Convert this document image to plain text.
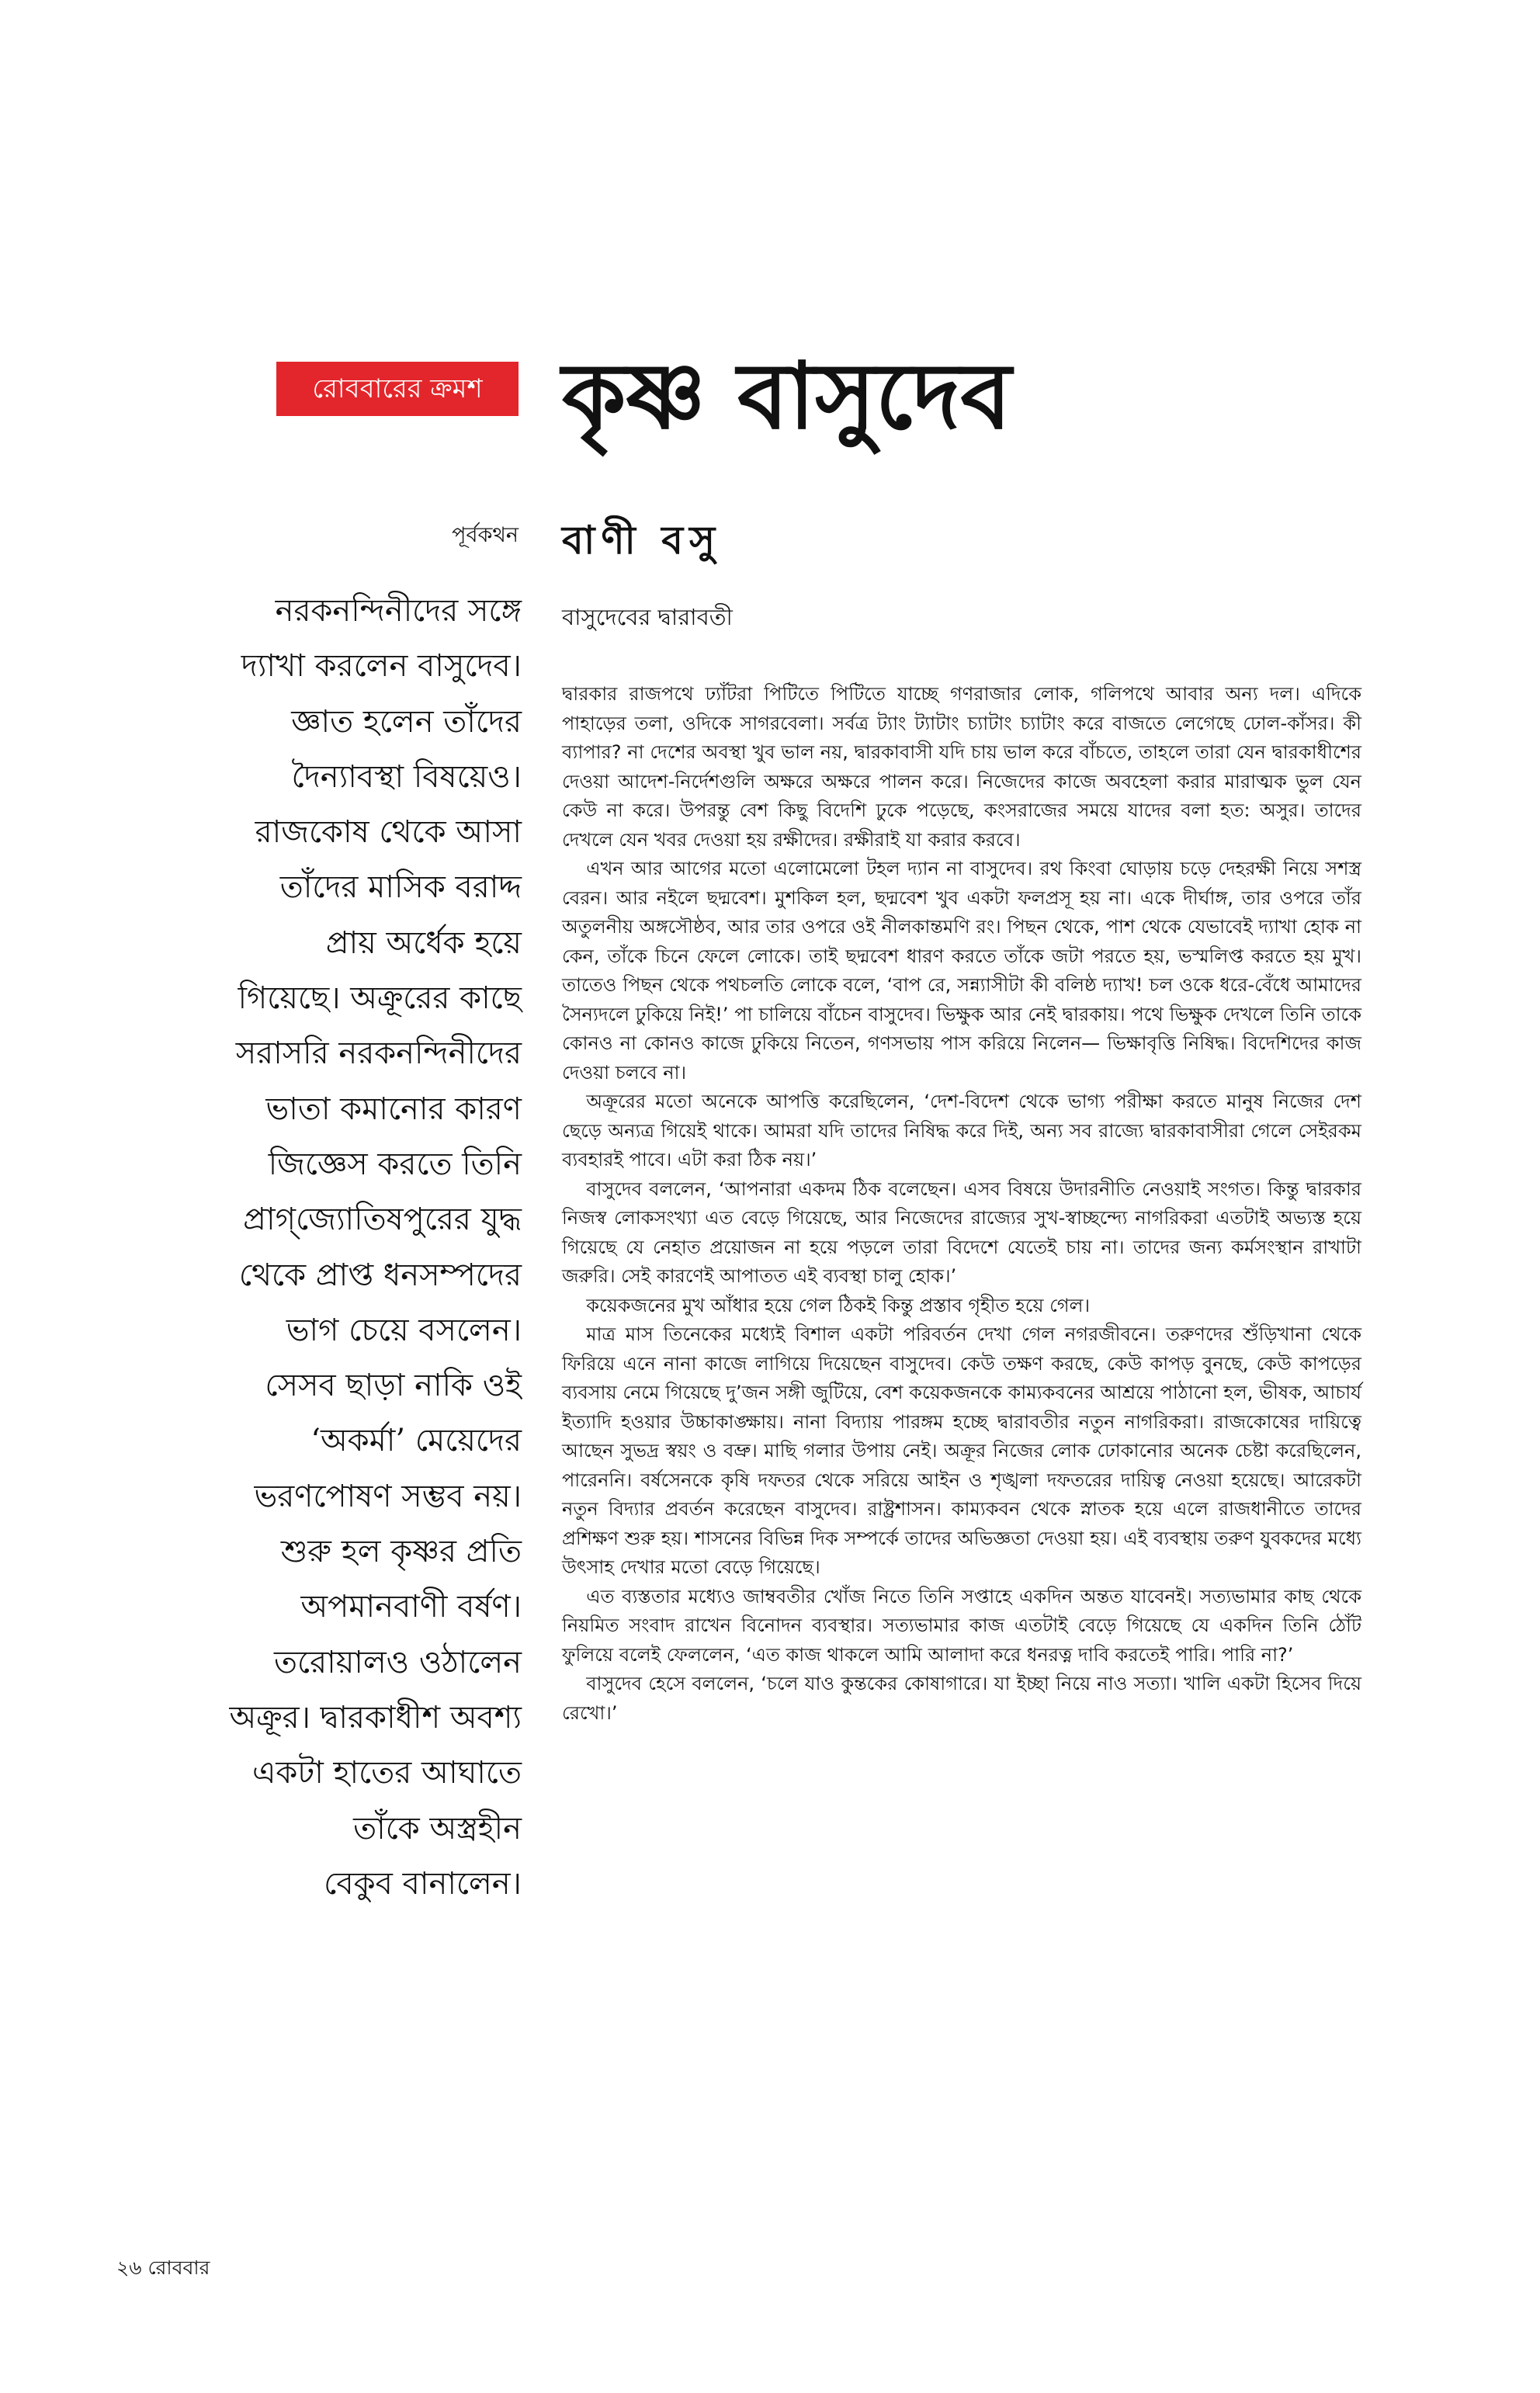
রোববারের ক্রমশ কৃষ্ণ বাসুদেব
পূর্বকথন বাণী বসু
নরকনন্দিনীদের সঙ্গে
দ্যাখা করলেন বাসুদেব।
জ্ঞাত হলেন তাঁদের
দৈন্যাবস্থা বিষয়েও।
রাজকোষ থেকে আসা
তাঁদের মাসিক বরাদ্দ
প্রায় অর্ধেক হয়ে
গিয়েছে। অক্রূরের কাছে
সরাসরি নরকনন্দিনীদের
ভাতা কমানোর কারণ
জিজ্ঞেস করতে তিনি
প্রাগ্‌জ্যোতিষপুরের যুদ্ধ
থেকে প্রাপ্ত ধনসম্পদের
ভাগ চেয়ে বসলেন।
সেসব ছাড়া নাকি ওই
‘অকর্মা’ মেয়েদের
ভরণপোষণ সম্ভব নয়।
শুরু হল কৃষ্ণর প্রতি
অপমানবাণী বর্ষণ।
তরোয়ালও ওঠালেন
অক্রূর। দ্বারকাধীশ অবশ্য
একটা হাতের আঘাতে
তাঁকে অস্ত্রহীন
বেকুব বানালেন।
বাসুদেবের দ্বারাবতী

দ্বারকার রাজপথে ঢ্যাঁটরা পিটিতে পিটিতে যাচ্ছে গণরাজার লোক, গলিপথে আবার অন্য দল। এদিকে পাহাড়ের তলা, ওদিকে সাগরবেলা। সর্বত্র ট্যাং ট্যাটাং চ্যাটাং চ্যাটাং করে বাজতে লেগেছে ঢোল-কাঁসর। কী ব্যাপার? না দেশের অবস্থা খুব ভাল নয়, দ্বারকাবাসী যদি চায় ভাল করে বাঁচতে, তাহলে তারা যেন দ্বারকাধীশের দেওয়া আদেশ-নির্দেশগুলি অক্ষরে অক্ষরে পালন করে। নিজেদের কাজে অবহেলা করার মারাত্মক ভুল যেন কেউ না করে। উপরন্তু বেশ কিছু বিদেশি ঢুকে পড়েছে, কংসরাজের সময়ে যাদের বলা হত: অসুর। তাদের দেখলে যেন খবর দেওয়া হয় রক্ষীদের। রক্ষীরাই যা করার করবে।

এখন আর আগের মতো এলোমেলো টহল দ্যান না বাসুদেব। রথ কিংবা ঘোড়ায় চড়ে দেহরক্ষী নিয়ে সশস্ত্র বেরন। আর নইলে ছদ্মবেশ। মুশকিল হল, ছদ্মবেশ খুব একটা ফলপ্রসূ হয় না। একে দীর্ঘাঙ্গ, তার ওপরে তাঁর অতুলনীয় অঙ্গসৌষ্ঠব, আর তার ওপরে ওই নীলকান্তমণি রং। পিছন থেকে, পাশ থেকে যেভাবেই দ্যাখা হোক না কেন, তাঁকে চিনে ফেলে লোকে। তাই ছদ্মবেশ ধারণ করতে তাঁকে জটা পরতে হয়, ভস্মলিপ্ত করতে হয় মুখ। তাতেও পিছন থেকে পথচলতি লোকে বলে, ‘বাপ রে, সন্ন্যাসীটা কী বলিষ্ঠ দ্যাখ! চল ওকে ধরে-বেঁধে আমাদের সৈন্যদলে ঢুকিয়ে নিই!’ পা চালিয়ে বাঁচেন বাসুদেব। ভিক্ষুক আর নেই দ্বারকায়। পথে ভিক্ষুক দেখলে তিনি তাকে কোনও না কোনও কাজে ঢুকিয়ে নিতেন, গণসভায় পাস করিয়ে নিলেন— ভিক্ষাবৃত্তি নিষিদ্ধ। বিদেশিদের কাজ দেওয়া চলবে না।

অক্রূরের মতো অনেকে আপত্তি করেছিলেন, ‘দেশ-বিদেশ থেকে ভাগ্য পরীক্ষা করতে মানুষ নিজের দেশ ছেড়ে অন্যত্র গিয়েই থাকে। আমরা যদি তাদের নিষিদ্ধ করে দিই, অন্য সব রাজ্যে দ্বারকাবাসীরা গেলে সেইরকম ব্যবহারই পাবে। এটা করা ঠিক নয়।’

বাসুদেব বললেন, ‘আপনারা একদম ঠিক বলেছেন। এসব বিষয়ে উদারনীতি নেওয়াই সংগত। কিন্তু দ্বারকার নিজস্ব লোকসংখ্যা এত বেড়ে গিয়েছে, আর নিজেদের রাজ্যের সুখ-স্বাচ্ছন্দ্যে নাগরিকরা এতটাই অভ্যস্ত হয়ে গিয়েছে যে নেহাত প্রয়োজন না হয়ে পড়লে তারা বিদেশে যেতেই চায় না। তাদের জন্য কর্মসংস্থান রাখাটা জরুরি। সেই কারণেই আপাতত এই ব্যবস্থা চালু হোক।’

কয়েকজনের মুখ আঁধার হয়ে গেল ঠিকই কিন্তু প্রস্তাব গৃহীত হয়ে গেল।

মাত্র মাস তিনেকের মধ্যেই বিশাল একটা পরিবর্তন দেখা গেল নগরজীবনে। তরুণদের শুঁড়িখানা থেকে ফিরিয়ে এনে নানা কাজে লাগিয়ে দিয়েছেন বাসুদেব। কেউ তক্ষণ করছে, কেউ কাপড় বুনছে, কেউ কাপড়ের ব্যবসায় নেমে গিয়েছে দু’জন সঙ্গী জুটিয়ে, বেশ কয়েকজনকে কাম্যকবনের আশ্রয়ে পাঠানো হল, ভীষক, আচার্য ইত্যাদি হওয়ার উচ্চাকাঙ্ক্ষায়। নানা বিদ্যায় পারঙ্গম হচ্ছে দ্বারাবতীর নতুন নাগরিকরা। রাজকোষের দায়িত্বে আছেন সুভদ্র স্বয়ং ও বভ্রু। মাছি গলার উপায় নেই। অক্রূর নিজের লোক ঢোকানোর অনেক চেষ্টা করেছিলেন, পারেননি। বর্ষসেনকে কৃষি দফতর থেকে সরিয়ে আইন ও শৃঙ্খলা দফতরের দায়িত্ব নেওয়া হয়েছে। আরেকটা নতুন বিদ্যার প্রবর্তন করেছেন বাসুদেব। রাষ্ট্রশাসন। কাম্যকবন থেকে স্নাতক হয়ে এলে রাজধানীতে তাদের প্রশিক্ষণ শুরু হয়। শাসনের বিভিন্ন দিক সম্পর্কে তাদের অভিজ্ঞতা দেওয়া হয়। এই ব্যবস্থায় তরুণ যুবকদের মধ্যে উৎসাহ দেখার মতো বেড়ে গিয়েছে।

এত ব্যস্ততার মধ্যেও জাম্ববতীর খোঁজ নিতে তিনি সপ্তাহে একদিন অন্তত যাবেনই। সত্যভামার কাছ থেকে নিয়মিত সংবাদ রাখেন বিনোদন ব্যবস্থার। সত্যভামার কাজ এতটাই বেড়ে গিয়েছে যে একদিন তিনি ঠোঁট ফুলিয়ে বলেই ফেললেন, ‘এত কাজ থাকলে আমি আলাদা করে ধনরত্ন দাবি করতেই পারি। পারি না?’

বাসুদেব হেসে বললেন, ‘চলে যাও কুন্তকের কোষাগারে। যা ইচ্ছা নিয়ে নাও সত্যা। খালি একটা হিসেব দিয়ে রেখো।’

২৬ রোববার
